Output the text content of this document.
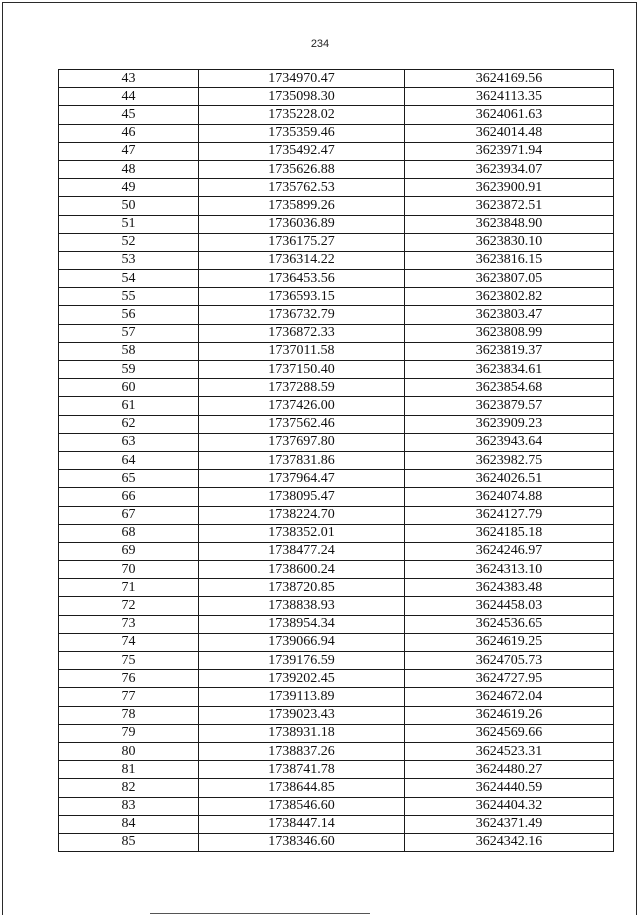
234
43	1734970.47	3624169.56
44	1735098.30	3624113.35
45	1735228.02	3624061.63
46	1735359.46	3624014.48
47	1735492.47	3623971.94
48	1735626.88	3623934.07
49	1735762.53	3623900.91
50	1735899.26	3623872.51
51	1736036.89	3623848.90
52	1736175.27	3623830.10
53	1736314.22	3623816.15
54	1736453.56	3623807.05
55	1736593.15	3623802.82
56	1736732.79	3623803.47
57	1736872.33	3623808.99
58	1737011.58	3623819.37
59	1737150.40	3623834.61
60	1737288.59	3623854.68
61	1737426.00	3623879.57
62	1737562.46	3623909.23
63	1737697.80	3623943.64
64	1737831.86	3623982.75
65	1737964.47	3624026.51
66	1738095.47	3624074.88
67	1738224.70	3624127.79
68	1738352.01	3624185.18
69	1738477.24	3624246.97
70	1738600.24	3624313.10
71	1738720.85	3624383.48
72	1738838.93	3624458.03
73	1738954.34	3624536.65
74	1739066.94	3624619.25
75	1739176.59	3624705.73
76	1739202.45	3624727.95
77	1739113.89	3624672.04
78	1739023.43	3624619.26
79	1738931.18	3624569.66
80	1738837.26	3624523.31
81	1738741.78	3624480.27
82	1738644.85	3624440.59
83	1738546.60	3624404.32
84	1738447.14	3624371.49
85	1738346.60	3624342.16
